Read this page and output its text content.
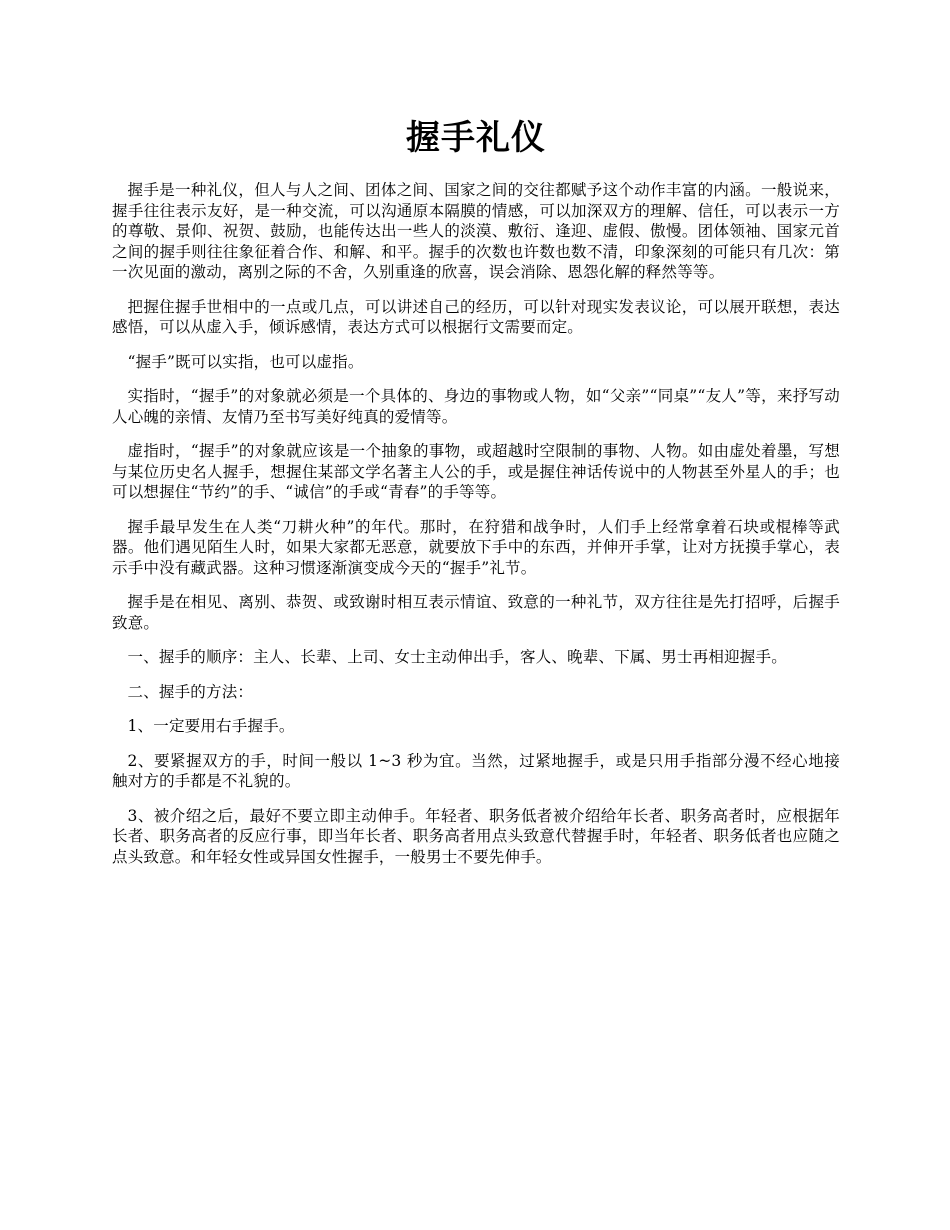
握手礼仪

握手是一种礼仪，但人与人之间、团体之间、国家之间的交往都赋予这个动作丰富的内涵。一般说来，握手往往表示友好，是一种交流，可以沟通原本隔膜的情感，可以加深双方的理解、信任，可以表示一方的尊敬、景仰、祝贺、鼓励，也能传达出一些人的淡漠、敷衍、逢迎、虚假、傲慢。团体领袖、国家元首之间的握手则往往象征着合作、和解、和平。握手的次数也许数也数不清，印象深刻的可能只有几次：第一次见面的激动，离别之际的不舍，久别重逢的欣喜，误会消除、恩怨化解的释然等等。

把握住握手世相中的一点或几点，可以讲述自己的经历，可以针对现实发表议论，可以展开联想，表达感悟，可以从虚入手，倾诉感情，表达方式可以根据行文需要而定。

“握手”既可以实指，也可以虚指。

实指时，“握手”的对象就必须是一个具体的、身边的事物或人物，如“父亲”“同桌”“友人”等，来抒写动人心魄的亲情、友情乃至书写美好纯真的爱情等。

虚指时，“握手”的对象就应该是一个抽象的事物，或超越时空限制的事物、人物。如由虚处着墨，写想与某位历史名人握手，想握住某部文学名著主人公的手，或是握住神话传说中的人物甚至外星人的手；也可以想握住“节约”的手、“诚信”的手或“青春”的手等等。

握手最早发生在人类“刀耕火种”的年代。那时，在狩猎和战争时，人们手上经常拿着石块或棍棒等武器。他们遇见陌生人时，如果大家都无恶意，就要放下手中的东西，并伸开手掌，让对方抚摸手掌心，表示手中没有藏武器。这种习惯逐渐演变成今天的“握手”礼节。

握手是在相见、离别、恭贺、或致谢时相互表示情谊、致意的一种礼节，双方往往是先打招呼，后握手致意。

一、握手的顺序：主人、长辈、上司、女士主动伸出手，客人、晚辈、下属、男士再相迎握手。

二、握手的方法：

1、一定要用右手握手。

2、要紧握双方的手，时间一般以 1~3 秒为宜。当然，过紧地握手，或是只用手指部分漫不经心地接触对方的手都是不礼貌的。

3、被介绍之后，最好不要立即主动伸手。年轻者、职务低者被介绍给年长者、职务高者时，应根据年长者、职务高者的反应行事，即当年长者、职务高者用点头致意代替握手时，年轻者、职务低者也应随之点头致意。和年轻女性或异国女性握手，一般男士不要先伸手。
